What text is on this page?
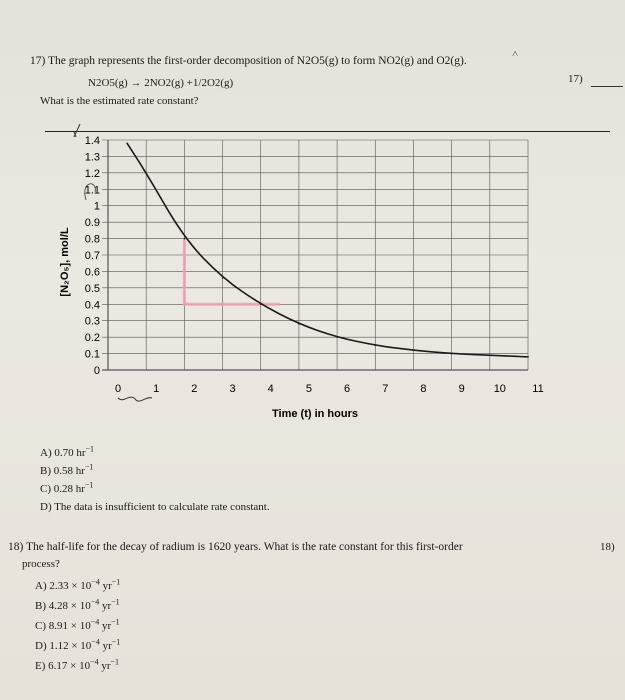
˄
17) The graph represents the first-order decomposition of N2O5(g) to form NO2(g) and O2(g).
17)
N2O5(g) → 2NO2(g) +1/2O2(g)
What is the estimated rate constant?
0
0.1
0.2
0.3
0.4
0.5
0.6
0.7
0.8
0.9
1
1.1
1.2
1.3
1.4
0	1	2	3	4	5	6	7	8	9	10 11
[N₂O₅], mol/L
Time (t) in hours
A) 0.70 $hr^{-1}$
B) 0.58 $hr^{-1}$
C) 0.28 $hr^{-1}$
D) The data is insufficient to calculate rate constant.
18) The half-life for the decay of radium is 1620 years. What is the rate constant for this first-order	18)
process?
A) $2.33 \times 10^{-4}$ $yr^{-1}$
B) $4.28 \times 10^{-4}$ $yr^{-1}$
C) $8.91 \times 10^{-4}$ $yr^{-1}$
D) $1.12 \times 10^{-4}$ $yr^{-1}$
E) $6.17 \times 10^{-4}$ $yr^{-1}$
